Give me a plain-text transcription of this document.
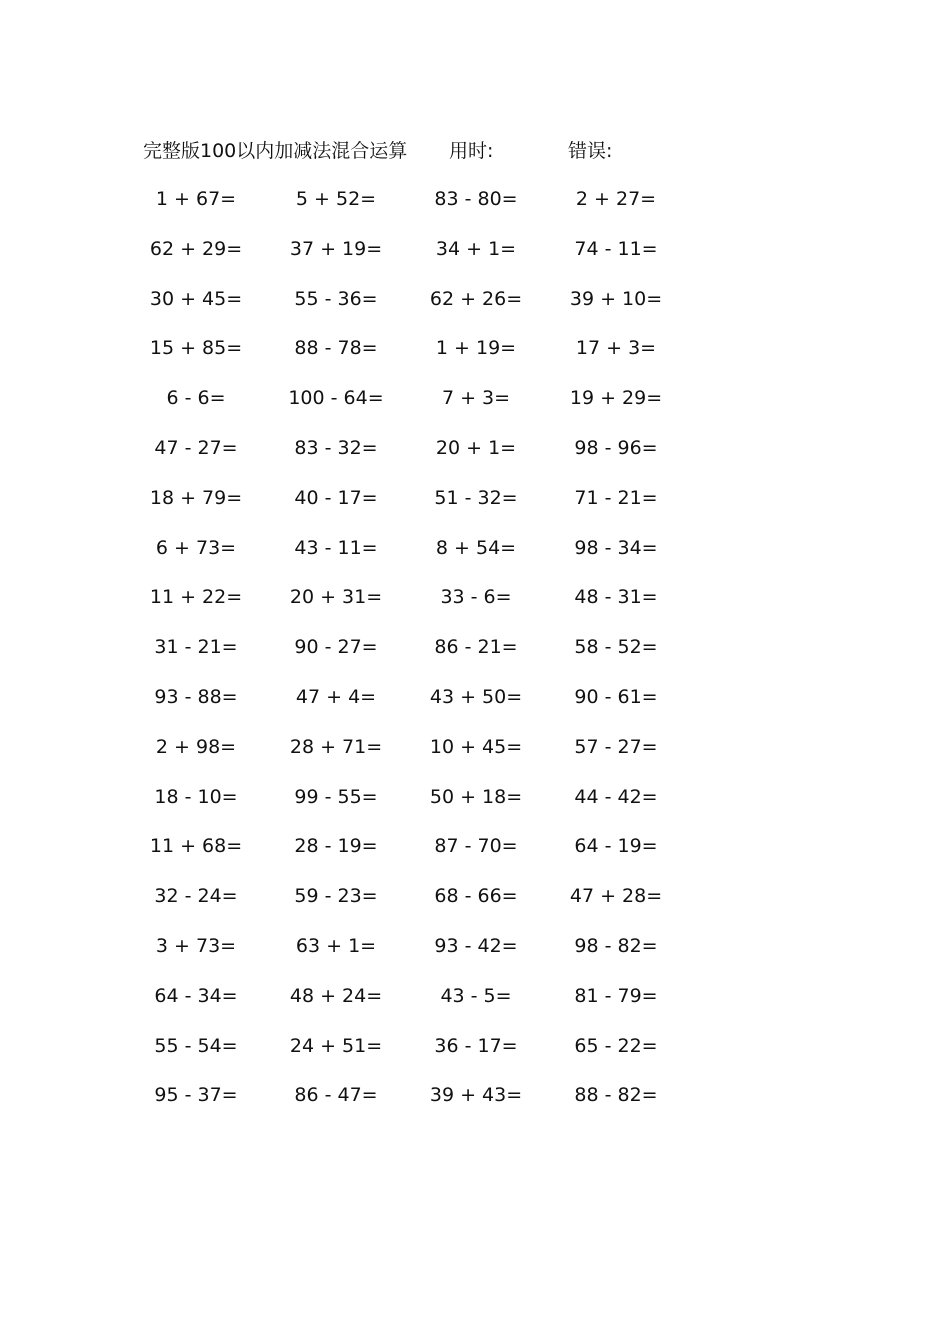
完整版100以内加减法混合运算 用时:	错误:
1 + 67=	5 + 52=	83 - 80=	2 + 27=
62 + 29=	37 + 19=	34 + 1=	74 - 11=
30 + 45=	55 - 36=	62 + 26=	39 + 10=
15 + 85=	88 - 78=	1 + 19=	17 + 3=
6 - 6=	100 - 64=	7 + 3=	19 + 29=
47 - 27=	83 - 32=	20 + 1=	98 - 96=
18 + 79=	40 - 17=	51 - 32=	71 - 21=
6 + 73=	43 - 11=	8 + 54=	98 - 34=
11 + 22=	20 + 31=	33 - 6=	48 - 31=
31 - 21=	90 - 27=	86 - 21=	58 - 52=
93 - 88=	47 + 4=	43 + 50=	90 - 61=
2 + 98=	28 + 71=	10 + 45=	57 - 27=
18 - 10=	99 - 55=	50 + 18=	44 - 42=
11 + 68=	28 - 19=	87 - 70=	64 - 19=
32 - 24=	59 - 23=	68 - 66=	47 + 28=
3 + 73=	63 + 1=	93 - 42=	98 - 82=
64 - 34=	48 + 24=	43 - 5=	81 - 79=
55 - 54=	24 + 51=	36 - 17=	65 - 22=
95 - 37=	86 - 47=	39 + 43=	88 - 82=
